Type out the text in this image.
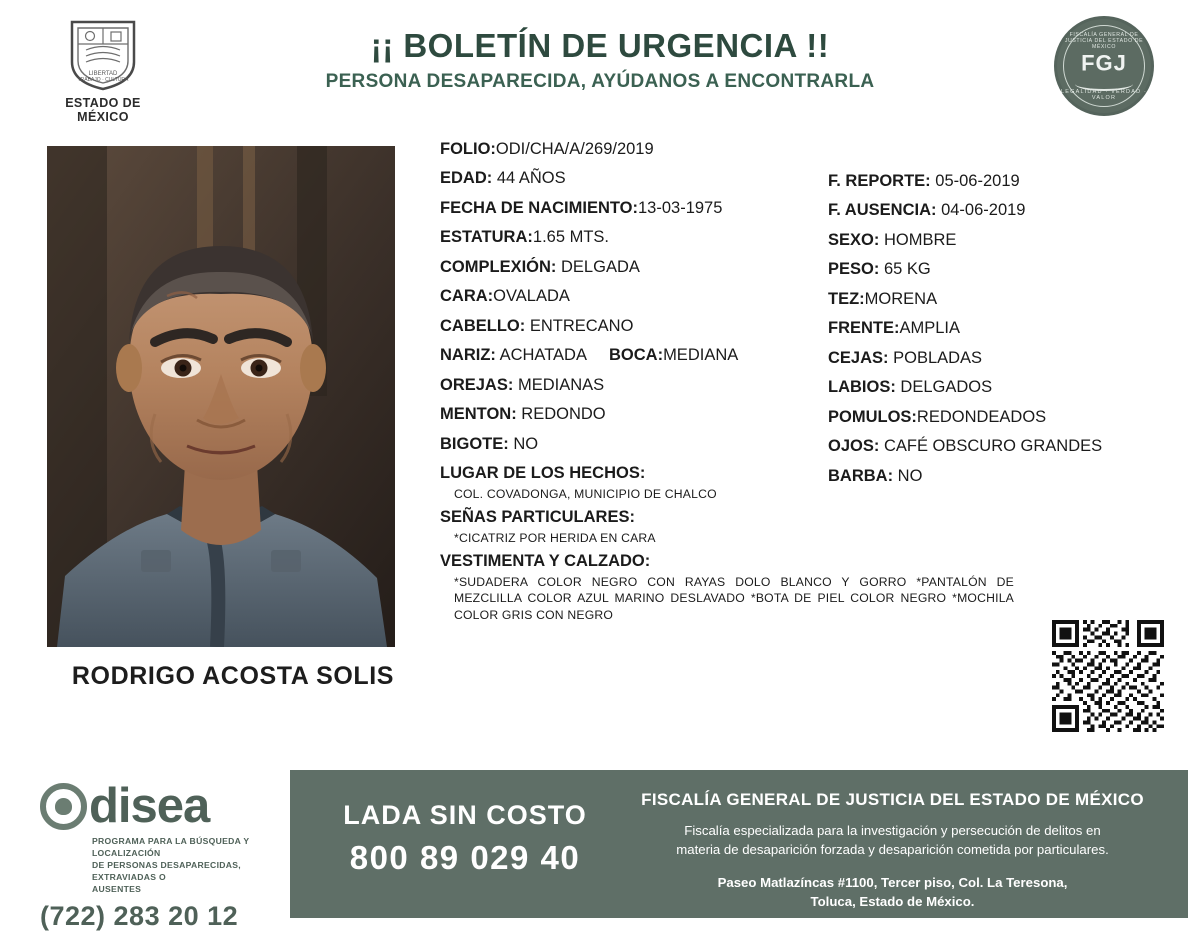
LIBERTAD
TRABAJO · CULTURA
ESTADO DE MÉXICO
¡¡ BOLETÍN DE URGENCIA !!
PERSONA DESAPARECIDA, AYÚDANOS A ENCONTRARLA
FISCALÍA GENERAL DE JUSTICIA DEL ESTADO DE MÉXICO
FGJ
LEGALIDAD · VERDAD · VALOR
RODRIGO ACOSTA SOLIS
FOLIO:ODI/CHA/A/269/2019
EDAD: 44 AÑOS
FECHA DE NACIMIENTO:13-03-1975
ESTATURA:1.65 MTS.
COMPLEXIÓN: DELGADA
CARA:OVALADA
CABELLO: ENTRECANO
NARIZ: ACHATADA BOCA:MEDIANA
OREJAS: MEDIANAS
MENTON: REDONDO
BIGOTE: NO
LUGAR DE LOS HECHOS:
COL. COVADONGA, MUNICIPIO DE CHALCO
SEÑAS PARTICULARES:
*CICATRIZ POR HERIDA EN CARA
VESTIMENTA Y CALZADO:
*SUDADERA COLOR NEGRO CON RAYAS DOLO BLANCO Y GORRO *PANTALÓN DE MEZCLILLA COLOR AZUL MARINO DESLAVADO *BOTA DE PIEL COLOR NEGRO *MOCHILA COLOR GRIS CON NEGRO
F. REPORTE: 05-06-2019
F. AUSENCIA: 04-06-2019
SEXO: HOMBRE
PESO: 65 KG
TEZ:MORENA
FRENTE:AMPLIA
CEJAS: POBLADAS
LABIOS: DELGADOS
POMULOS:REDONDEADOS
OJOS: CAFÉ OBSCURO GRANDES
BARBA: NO
disea
PROGRAMA PARA LA BÚSQUEDA Y LOCALIZACIÓN
DE PERSONAS DESAPARECIDAS, EXTRAVIADAS O
AUSENTES
(722) 283 20 12
LADA SIN COSTO
800 89 029 40
FISCALÍA GENERAL DE JUSTICIA DEL ESTADO DE MÉXICO
Fiscalía especializada para la investigación y persecución de delitos en
materia de desaparición forzada y desaparición cometida por particulares.
Paseo Matlazíncas #1100, Tercer piso, Col. La Teresona,
Toluca, Estado de México.
